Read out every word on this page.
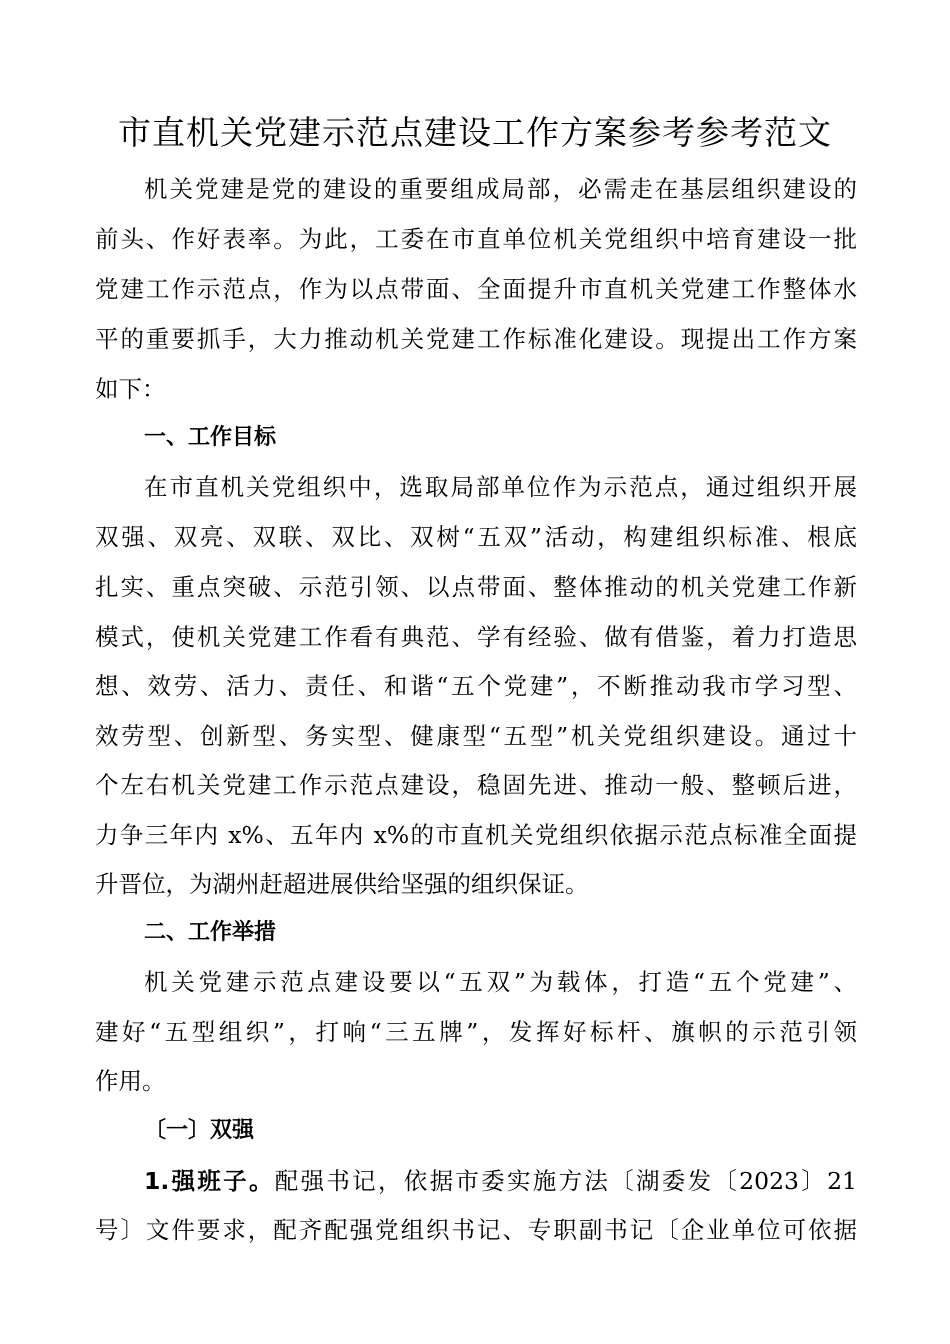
市直机关党建示范点建设工作方案参考参考范文
机关党建是党的建设的重要组成局部，必需走在基层组织建设的
前头、作好表率。为此，工委在市直单位机关党组织中培育建设一批
党建工作示范点，作为以点带面、全面提升市直机关党建工作整体水
平的重要抓手，大力推动机关党建工作标准化建设。现提出工作方案
如下：
一、工作目标
在市直机关党组织中，选取局部单位作为示范点，通过组织开展
双强、双亮、双联、双比、双树“五双”活动，构建组织标准、根底
扎实、重点突破、示范引领、以点带面、整体推动的机关党建工作新
模式，使机关党建工作看有典范、学有经验、做有借鉴，着力打造思
想、效劳、活力、责任、和谐“五个党建”，不断推动我市学习型、
效劳型、创新型、务实型、健康型“五型”机关党组织建设。通过十
个左右机关党建工作示范点建设，稳固先进、推动一般、整顿后进，
力争三年内 x%、五年内 x%的市直机关党组织依据示范点标准全面提
升晋位，为湖州赶超进展供给坚强的组织保证。
二、工作举措
机关党建示范点建设要以“五双”为载体，打造“五个党建”、
建好“五型组织”，打响“三五牌”，发挥好标杆、旗帜的示范引领
作用。
〔一〕双强
1.强班子。配强书记，依据市委实施方法〔湖委发〔2023〕21
号〕文件要求，配齐配强党组织书记、专职副书记〔企业单位可依据
